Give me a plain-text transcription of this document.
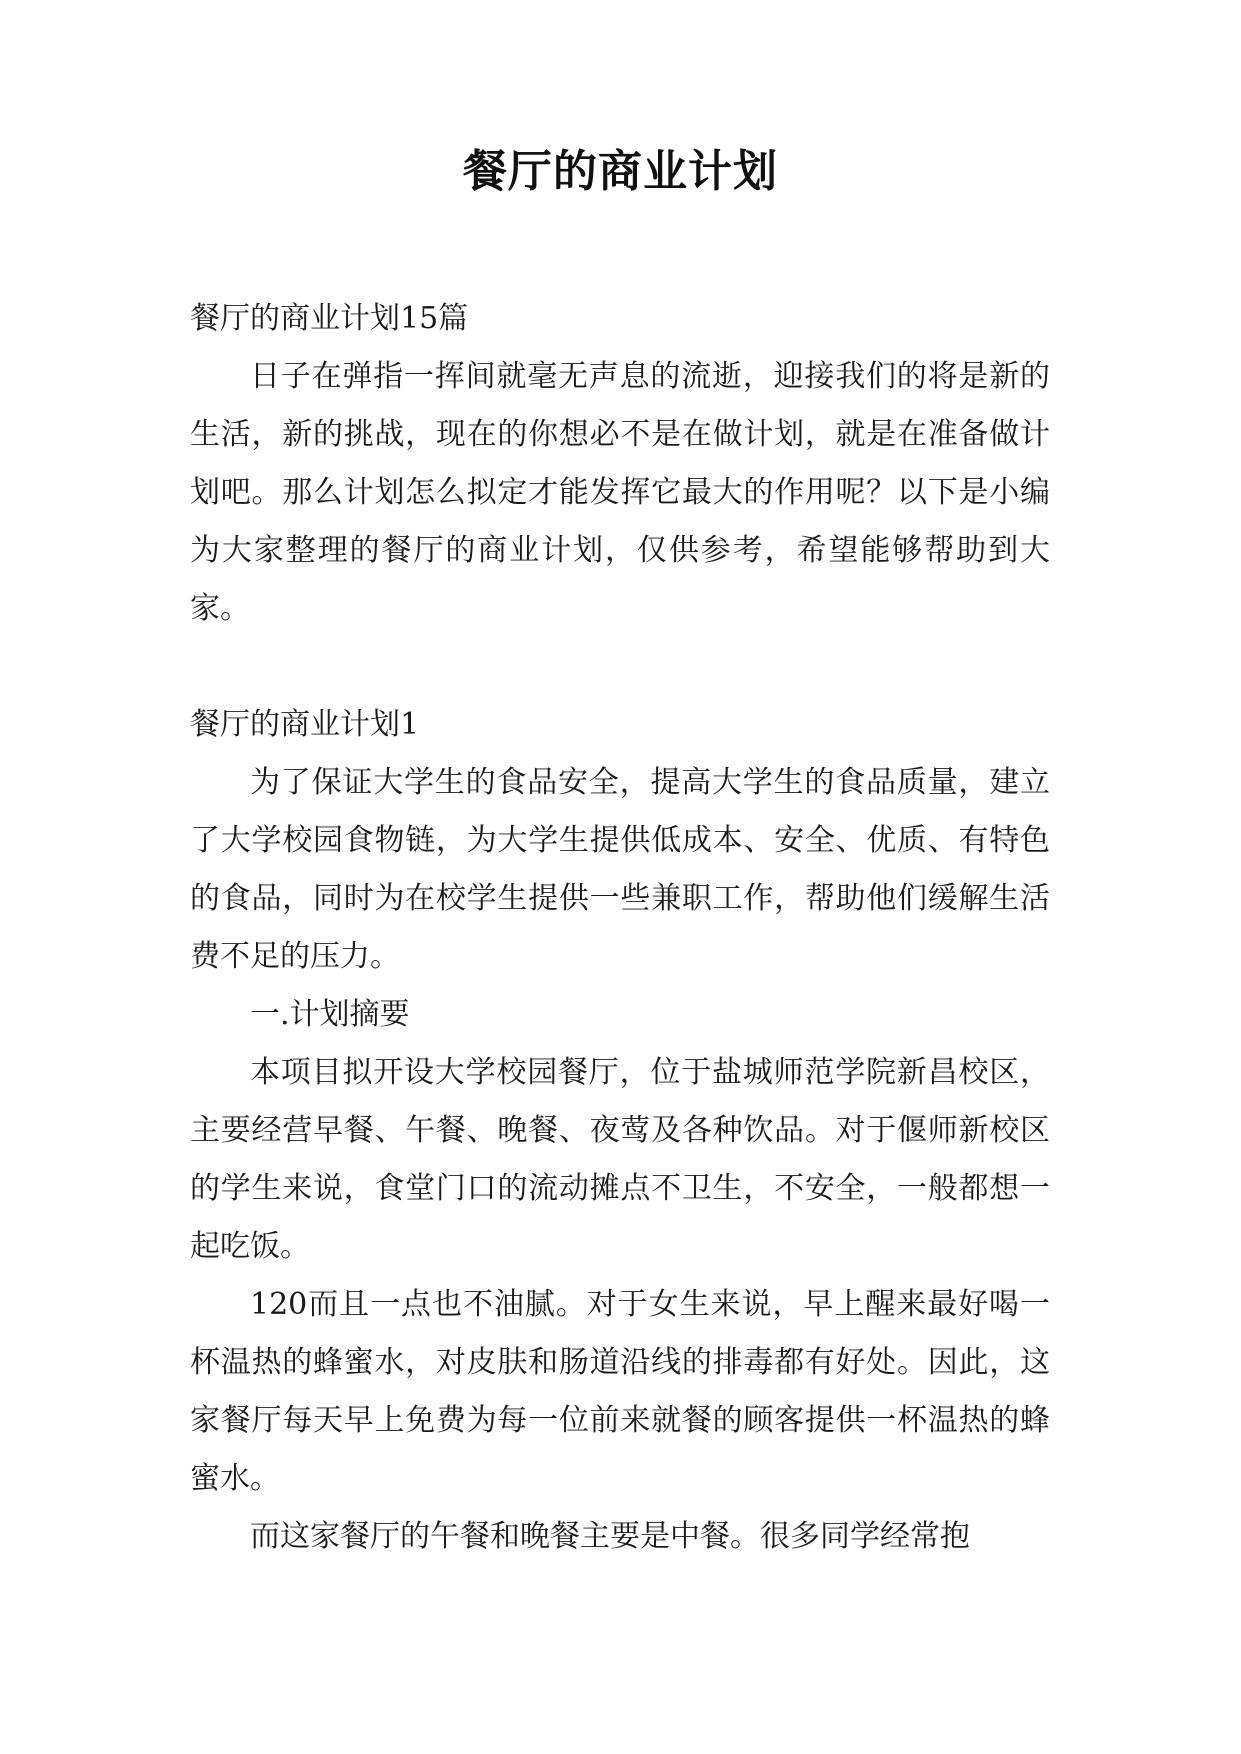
餐厅的商业计划

餐厅的商业计划15篇

日子在弹指一挥间就毫无声息的流逝，迎接我们的将是新的生活，新的挑战，现在的你想必不是在做计划，就是在准备做计划吧。那么计划怎么拟定才能发挥它最大的作用呢？以下是小编为大家整理的餐厅的商业计划，仅供参考，希望能够帮助到大家。

餐厅的商业计划1

为了保证大学生的食品安全，提高大学生的食品质量，建立了大学校园食物链，为大学生提供低成本、安全、优质、有特色的食品，同时为在校学生提供一些兼职工作，帮助他们缓解生活费不足的压力。

一.计划摘要

本项目拟开设大学校园餐厅，位于盐城师范学院新昌校区，主要经营早餐、午餐、晚餐、夜莺及各种饮品。对于偃师新校区的学生来说，食堂门口的流动摊点不卫生，不安全，一般都想一起吃饭。

120而且一点也不油腻。对于女生来说，早上醒来最好喝一杯温热的蜂蜜水，对皮肤和肠道沿线的排毒都有好处。因此，这家餐厅每天早上免费为每一位前来就餐的顾客提供一杯温热的蜂蜜水。

而这家餐厅的午餐和晚餐主要是中餐。很多同学经常抱
